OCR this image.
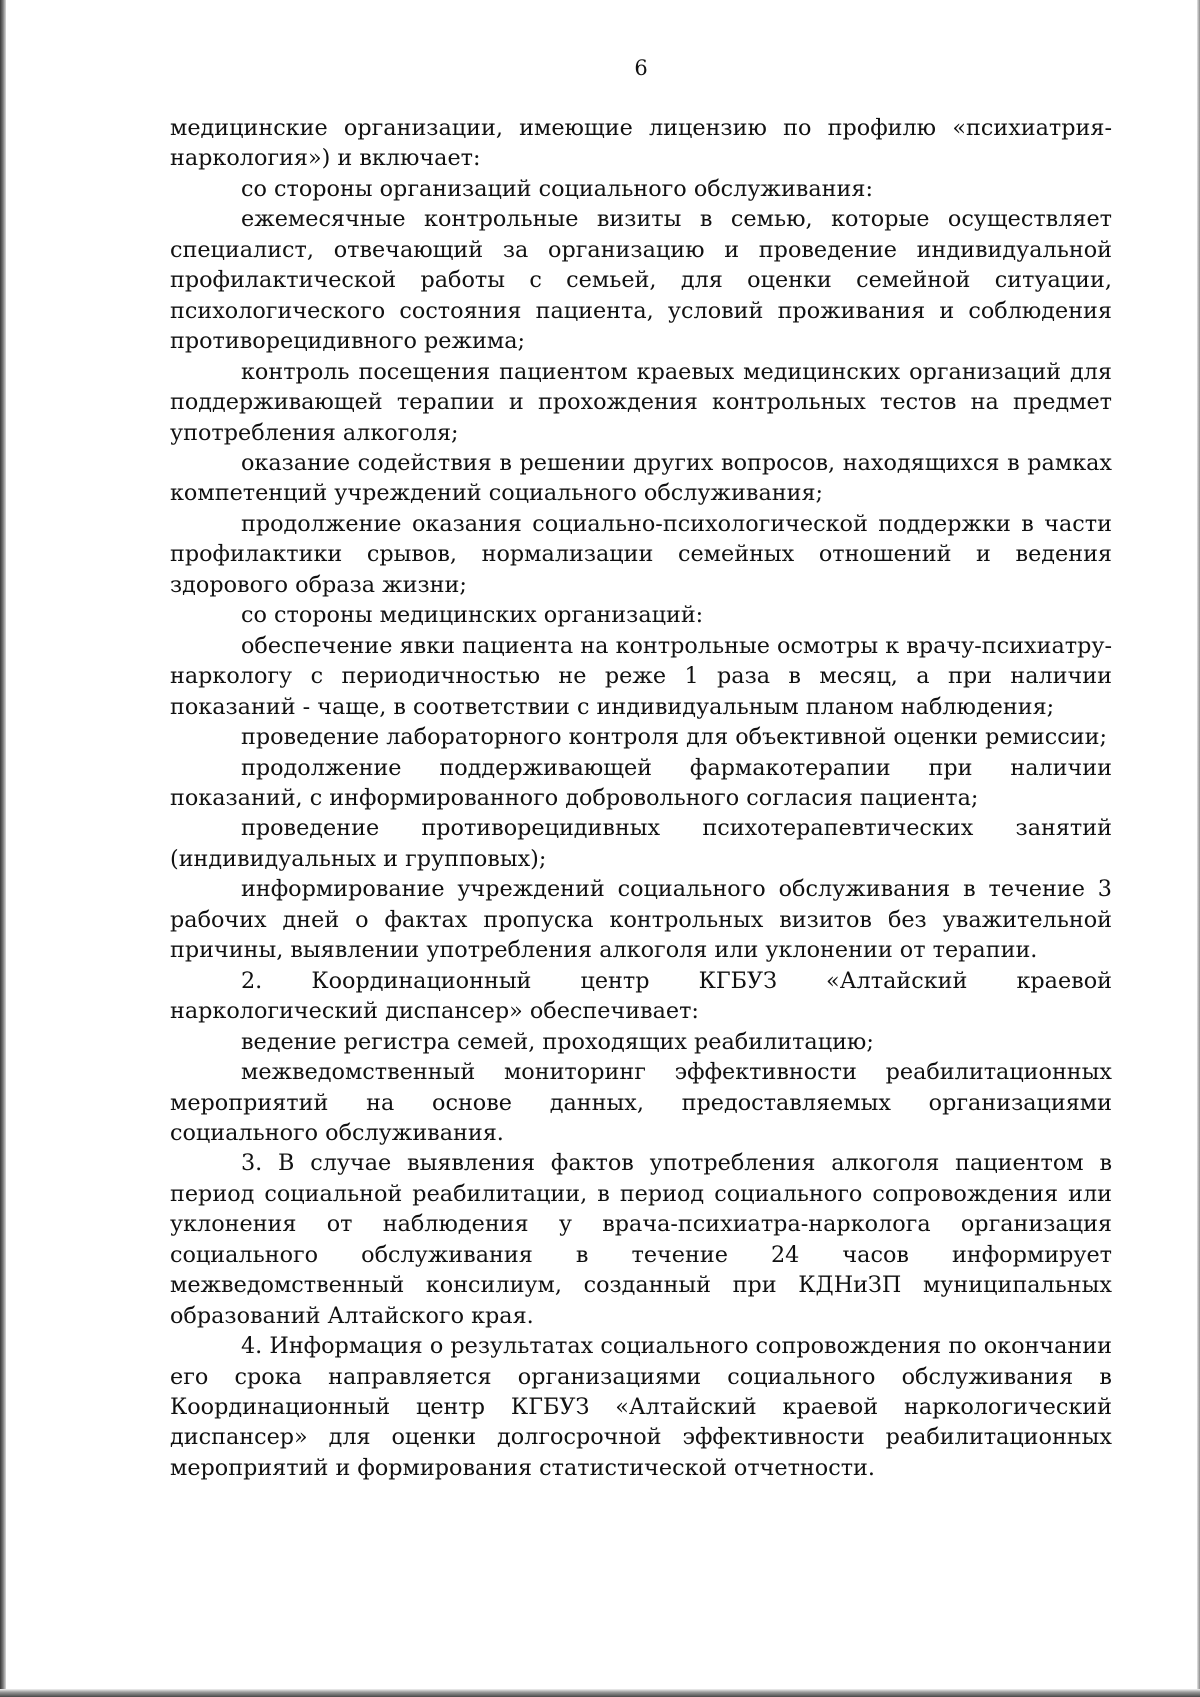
6

медицинские организации, имеющие лицензию по профилю «психиатрия-наркология») и включает:

со стороны организаций социального обслуживания:

ежемесячные контрольные визиты в семью, которые осуществляет специалист, отвечающий за организацию и проведение индивидуальной профилактической работы с семьей, для оценки семейной ситуации, психологического состояния пациента, условий проживания и соблюдения противорецидивного режима;

контроль посещения пациентом краевых медицинских организаций для поддерживающей терапии и прохождения контрольных тестов на предмет употребления алкоголя;

оказание содействия в решении других вопросов, находящихся в рамках компетенций учреждений социального обслуживания;

продолжение оказания социально-психологической поддержки в части профилактики срывов, нормализации семейных отношений и ведения здорового образа жизни;

со стороны медицинских организаций:

обеспечение явки пациента на контрольные осмотры к врачу-психиатру-наркологу с периодичностью не реже 1 раза в месяц, а при наличии показаний - чаще, в соответствии с индивидуальным планом наблюдения;

проведение лабораторного контроля для объективной оценки ремиссии;

продолжение поддерживающей фармакотерапии при наличии показаний, с информированного добровольного согласия пациента;

проведение противорецидивных психотерапевтических занятий (индивидуальных и групповых);

информирование учреждений социального обслуживания в течение 3 рабочих дней о фактах пропуска контрольных визитов без уважительной причины, выявлении употребления алкоголя или уклонении от терапии.

2. Координационный центр КГБУЗ «Алтайский краевой наркологический диспансер» обеспечивает:

ведение регистра семей, проходящих реабилитацию;

межведомственный мониторинг эффективности реабилитационных мероприятий на основе данных, предоставляемых организациями социального обслуживания.

3. В случае выявления фактов употребления алкоголя пациентом в период социальной реабилитации, в период социального сопровождения или уклонения от наблюдения у врача-психиатра-нарколога организация социального обслуживания в течение 24 часов информирует межведомственный консилиум, созданный при КДНиЗП муниципальных образований Алтайского края.

4. Информация о результатах социального сопровождения по окончании его срока направляется организациями социального обслуживания в Координационный центр КГБУЗ «Алтайский краевой наркологический диспансер» для оценки долгосрочной эффективности реабилитационных мероприятий и формирования статистической отчетности.
